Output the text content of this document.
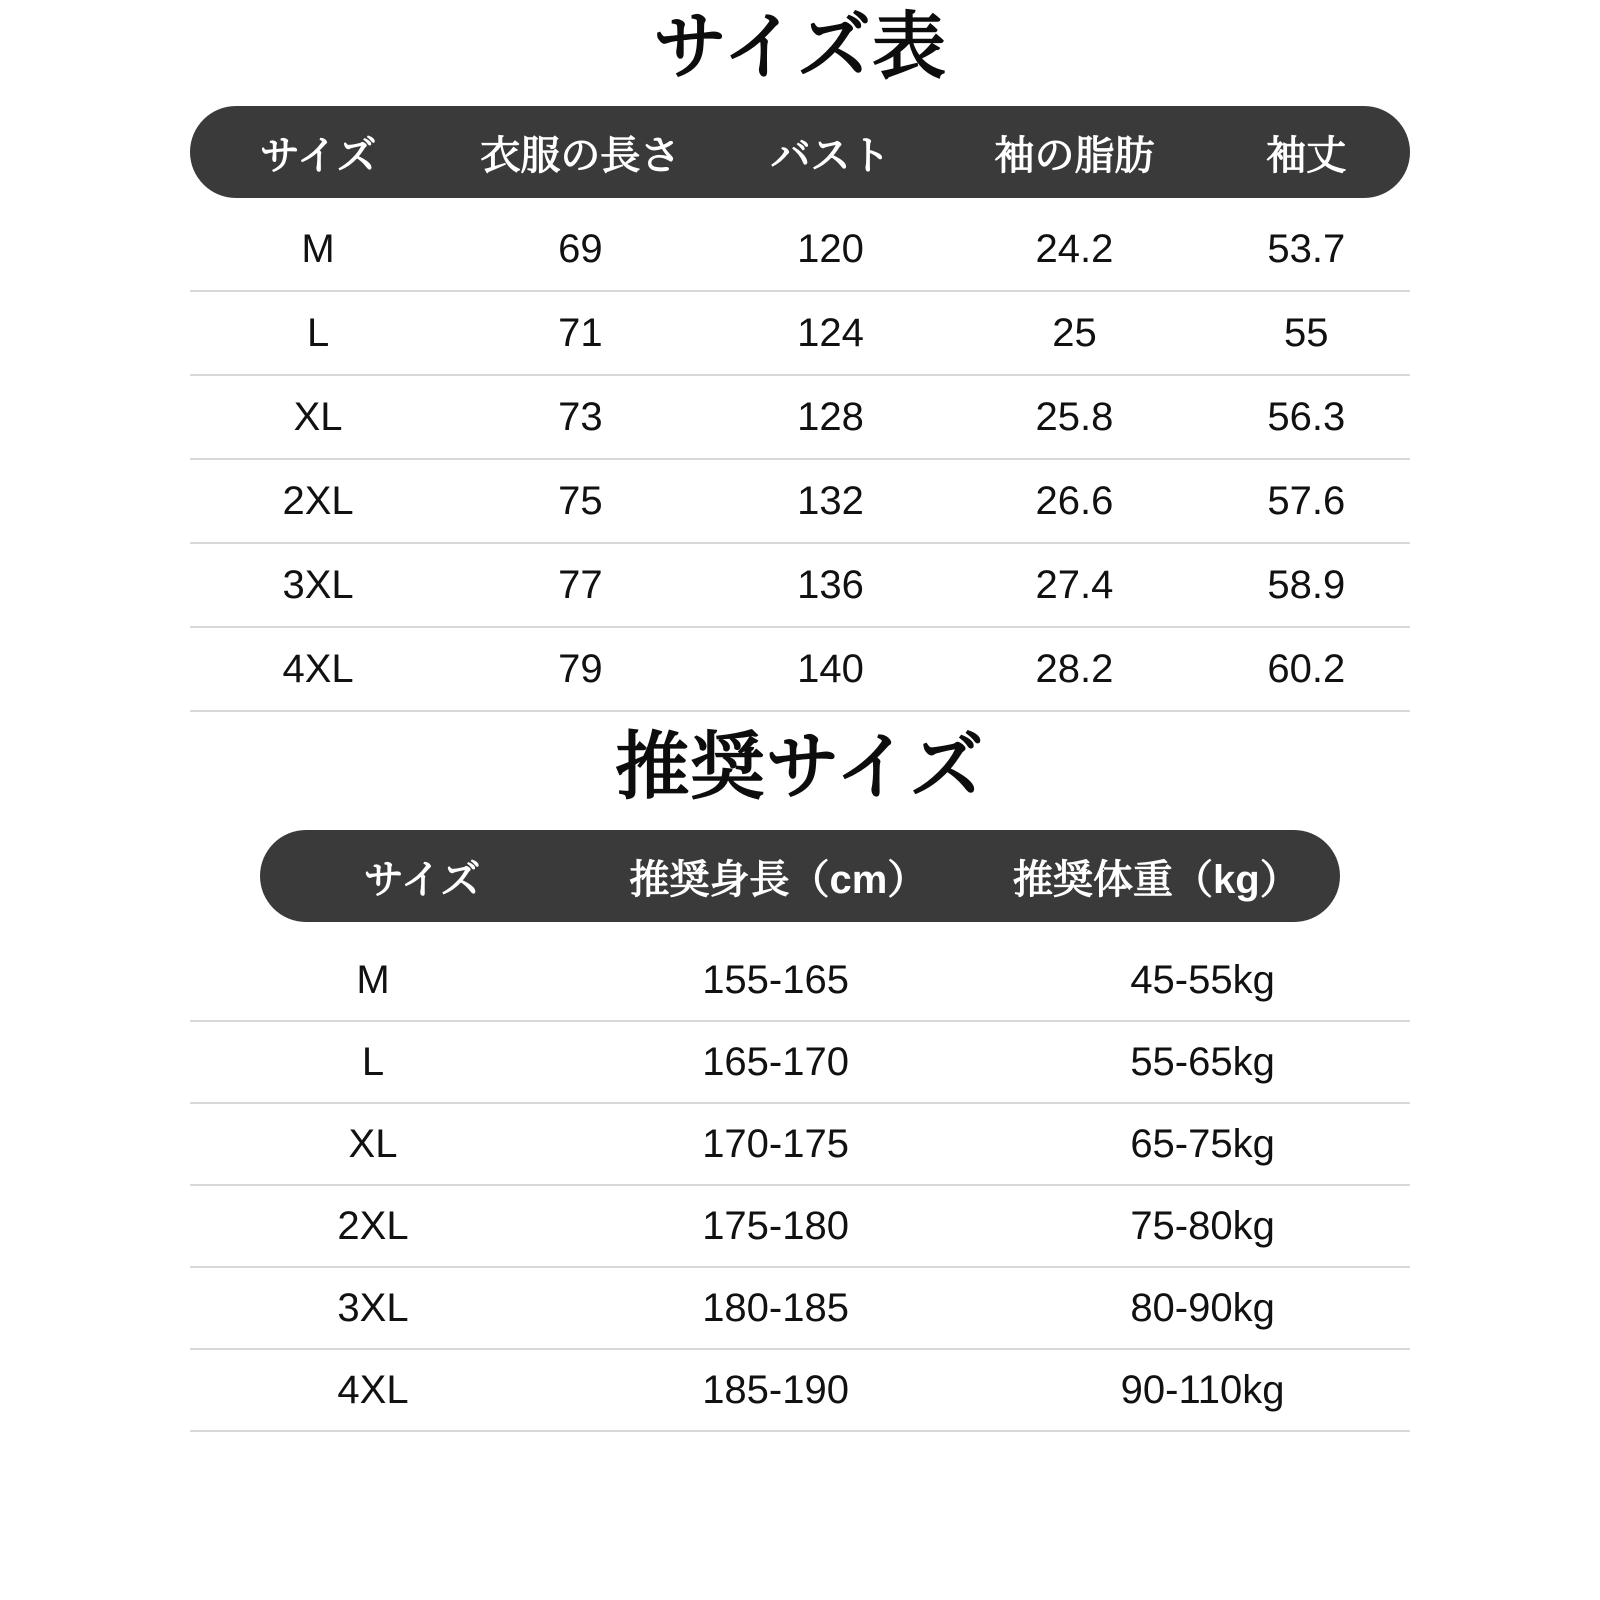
サイズ表
サイズ	衣服の長さ	バスト	袖の脂肪	袖丈
M	69	120	24.2	53.7
L	71	124	25	55
XL	73	128	25.8	56.3
2XL	75	132	26.6	57.6
3XL	77	136	27.4	58.9
4XL	79	140	28.2	60.2
推奨サイズ
サイズ	推奨身長（cm）	推奨体重（kg）
M	155-165	45-55kg
L	165-170	55-65kg
XL	170-175	65-75kg
2XL	175-180	75-80kg
3XL	180-185	80-90kg
4XL	185-190	90-110kg
